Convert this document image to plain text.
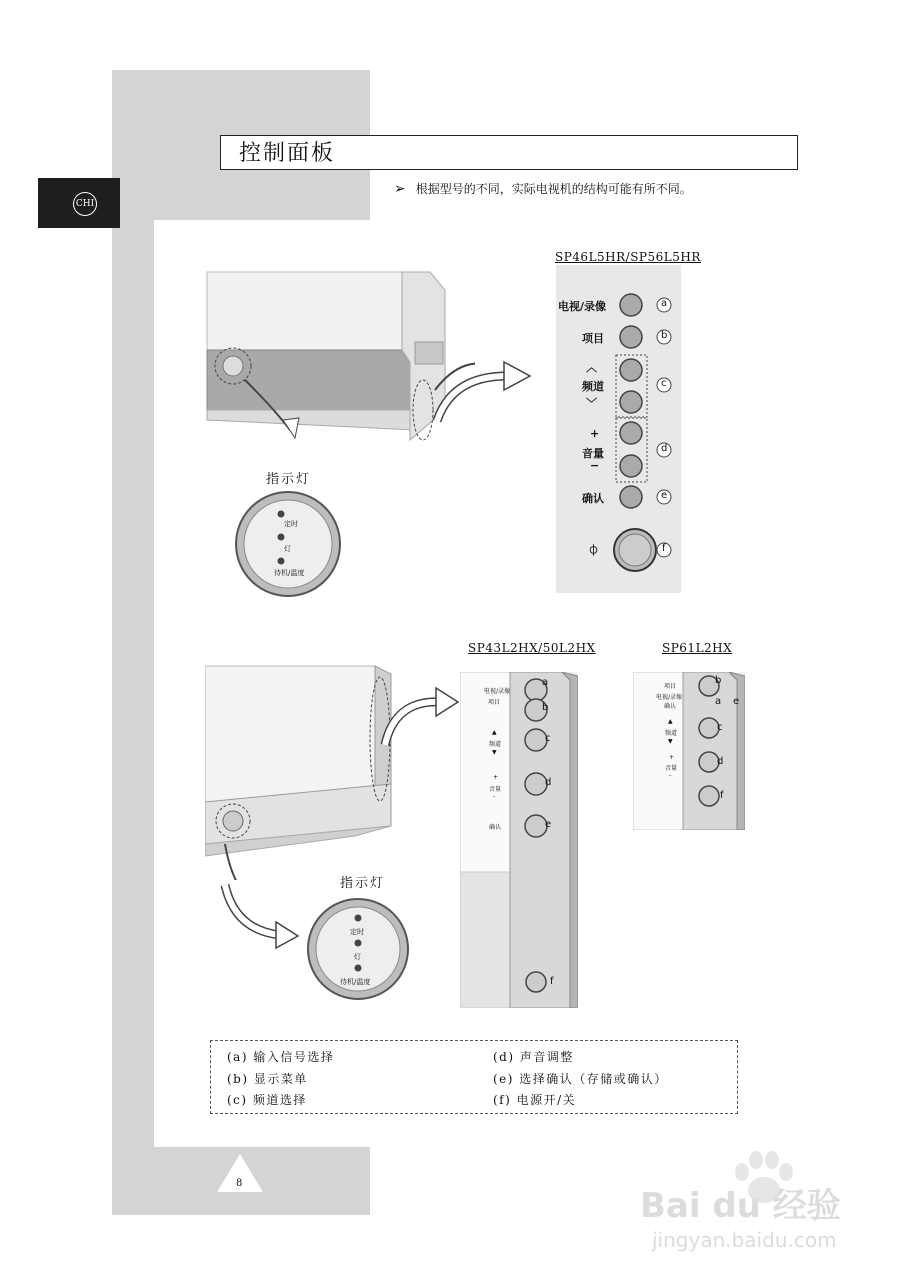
控制面板
CHI
➢ 根据型号的不同，实际电视机的结构可能有所不同。
SP46L5HR/SP56L5HR
指示灯
定时
灯
待机/温度
电视/录像
项目
︿
频道
﹀
+
音量
−
确认
⏀
a
b
c
d
e
f
SP43L2HX/50L2HX	SP61L2HX
指示灯
定时
灯
待机/温度
电视/录像
项目
▲
频道
▼
+
音量
-
确认
a
b
c
d
e
f
项目
电视/录像
确认
▲
频道
▼
+
音量
-
b
a e
c
d
f
(a) 输入信号选择
(b) 显示菜单
(c) 频道选择
(d) 声音调整
(e) 选择确认（存储或确认）
(f) 电源开/关
8
Bai du 经验
jingyan.baidu.com
